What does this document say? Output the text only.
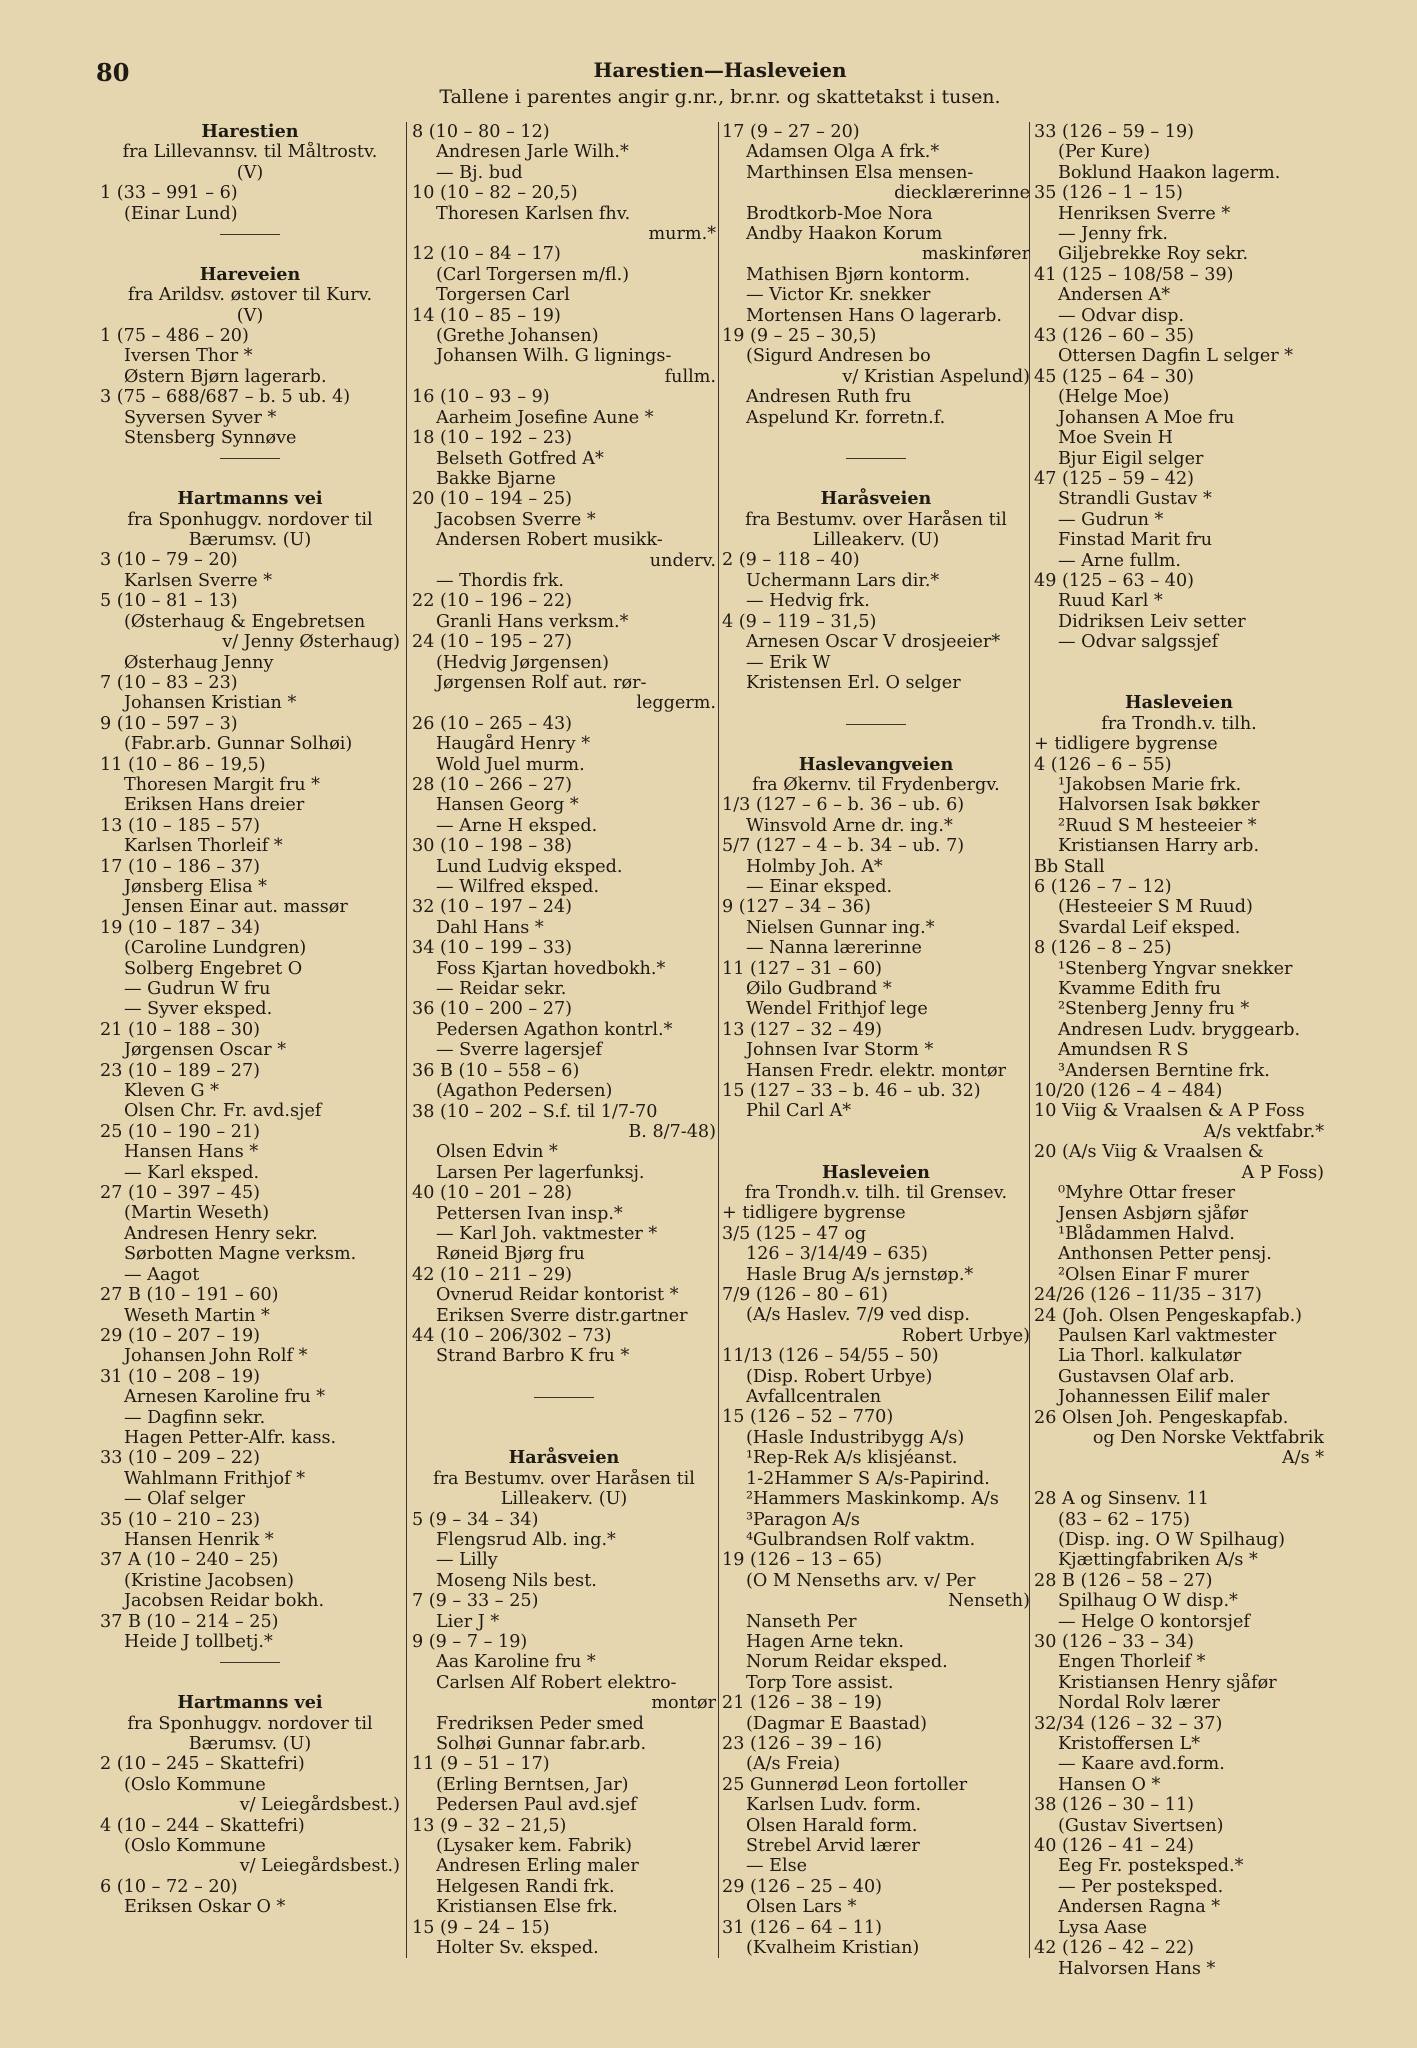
80	Harestien—Hasleveien
Tallene i parentes angir g.nr., br.nr. og skattetakst i tusen.
Harestien
fra Lillevannsv. til Måltrostv.
(V)
1 (33 – 991 – 6)
(Einar Lund)
Hareveien
fra Arildsv. østover til Kurv.
(V)
1 (75 – 486 – 20)
Iversen Thor *
Østern Bjørn lagerarb.
3 (75 – 688/687 – b. 5 ub. 4)
Syversen Syver *
Stensberg Synnøve
Hartmanns vei
fra Sponhuggv. nordover til
Bærumsv. (U)
3 (10 – 79 – 20)
Karlsen Sverre *
5 (10 – 81 – 13)
(Østerhaug & Engebretsen
v/ Jenny Østerhaug)
Østerhaug Jenny
7 (10 – 83 – 23)
Johansen Kristian *
9 (10 – 597 – 3)
(Fabr.arb. Gunnar Solhøi)
11 (10 – 86 – 19,5)
Thoresen Margit fru *
Eriksen Hans dreier
13 (10 – 185 – 57)
Karlsen Thorleif *
17 (10 – 186 – 37)
Jønsberg Elisa *
Jensen Einar aut. massør
19 (10 – 187 – 34)
(Caroline Lundgren)
Solberg Engebret O
— Gudrun W fru
— Syver eksped.
21 (10 – 188 – 30)
Jørgensen Oscar *
23 (10 – 189 – 27)
Kleven G *
Olsen Chr. Fr. avd.sjef
25 (10 – 190 – 21)
Hansen Hans *
— Karl eksped.
27 (10 – 397 – 45)
(Martin Weseth)
Andresen Henry sekr.
Sørbotten Magne verksm.
— Aagot
27 B (10 – 191 – 60)
Weseth Martin *
29 (10 – 207 – 19)
Johansen John Rolf *
31 (10 – 208 – 19)
Arnesen Karoline fru *
— Dagfinn sekr.
Hagen Petter-Alfr. kass.
33 (10 – 209 – 22)
Wahlmann Frithjof *
— Olaf selger
35 (10 – 210 – 23)
Hansen Henrik *
37 A (10 – 240 – 25)
(Kristine Jacobsen)
Jacobsen Reidar bokh.
37 B (10 – 214 – 25)
Heide J tollbetj.*
Hartmanns vei
fra Sponhuggv. nordover til
Bærumsv. (U)
2 (10 – 245 – Skattefri)
(Oslo Kommune
v/ Leiegårdsbest.)
4 (10 – 244 – Skattefri)
(Oslo Kommune
v/ Leiegårdsbest.)
6 (10 – 72 – 20)
Eriksen Oskar O *
8 (10 – 80 – 12)
Andresen Jarle Wilh.*
— Bj. bud
10 (10 – 82 – 20,5)
Thoresen Karlsen fhv.
murm.*
12 (10 – 84 – 17)
(Carl Torgersen m/fl.)
Torgersen Carl
14 (10 – 85 – 19)
(Grethe Johansen)
Johansen Wilh. G lignings-
fullm.
16 (10 – 93 – 9)
Aarheim Josefine Aune *
18 (10 – 192 – 23)
Belseth Gotfred A*
Bakke Bjarne
20 (10 – 194 – 25)
Jacobsen Sverre *
Andersen Robert musikk-
underv.
— Thordis frk.
22 (10 – 196 – 22)
Granli Hans verksm.*
24 (10 – 195 – 27)
(Hedvig Jørgensen)
Jørgensen Rolf aut. rør-
leggerm.
26 (10 – 265 – 43)
Haugård Henry *
Wold Juel murm.
28 (10 – 266 – 27)
Hansen Georg *
— Arne H eksped.
30 (10 – 198 – 38)
Lund Ludvig eksped.
— Wilfred eksped.
32 (10 – 197 – 24)
Dahl Hans *
34 (10 – 199 – 33)
Foss Kjartan hovedbokh.*
— Reidar sekr.
36 (10 – 200 – 27)
Pedersen Agathon kontrl.*
— Sverre lagersjef
36 B (10 – 558 – 6)
(Agathon Pedersen)
38 (10 – 202 – S.f. til 1/7-70
B. 8/7-48)
Olsen Edvin *
Larsen Per lagerfunksj.
40 (10 – 201 – 28)
Pettersen Ivan insp.*
— Karl Joh. vaktmester *
Røneid Bjørg fru
42 (10 – 211 – 29)
Ovnerud Reidar kontorist *
Eriksen Sverre distr.gartner
44 (10 – 206/302 – 73)
Strand Barbro K fru *
Haråsveien
fra Bestumv. over Haråsen til
Lilleakerv. (U)
5 (9 – 34 – 34)
Flengsrud Alb. ing.*
— Lilly
Moseng Nils best.
7 (9 – 33 – 25)
Lier J *
9 (9 – 7 – 19)
Aas Karoline fru *
Carlsen Alf Robert elektro-
montør
Fredriksen Peder smed
Solhøi Gunnar fabr.arb.
11 (9 – 51 – 17)
(Erling Berntsen, Jar)
Pedersen Paul avd.sjef
13 (9 – 32 – 21,5)
(Lysaker kem. Fabrik)
Andresen Erling maler
Helgesen Randi frk.
Kristiansen Else frk.
15 (9 – 24 – 15)
Holter Sv. eksped.
17 (9 – 27 – 20)
Adamsen Olga A frk.*
Marthinsen Elsa mensen-
diecklærerinne
Brodtkorb-Moe Nora
Andby Haakon Korum
maskinfører
Mathisen Bjørn kontorm.
— Victor Kr. snekker
Mortensen Hans O lagerarb.
19 (9 – 25 – 30,5)
(Sigurd Andresen bo
v/ Kristian Aspelund)
Andresen Ruth fru
Aspelund Kr. forretn.f.
Haråsveien
fra Bestumv. over Haråsen til
Lilleakerv. (U)
2 (9 – 118 – 40)
Uchermann Lars dir.*
— Hedvig frk.
4 (9 – 119 – 31,5)
Arnesen Oscar V drosjeeier*
— Erik W
Kristensen Erl. O selger
Haslevangveien
fra Økernv. til Frydenbergv.
1/3 (127 – 6 – b. 36 – ub. 6)
Winsvold Arne dr. ing.*
5/7 (127 – 4 – b. 34 – ub. 7)
Holmby Joh. A*
— Einar eksped.
9 (127 – 34 – 36)
Nielsen Gunnar ing.*
— Nanna lærerinne
11 (127 – 31 – 60)
Øilo Gudbrand *
Wendel Frithjof lege
13 (127 – 32 – 49)
Johnsen Ivar Storm *
Hansen Fredr. elektr. montør
15 (127 – 33 – b. 46 – ub. 32)
Phil Carl A*
Hasleveien
fra Trondh.v. tilh. til Grensev.
+ tidligere bygrense
3/5 (125 – 47 og
126 – 3/14/49 – 635)
Hasle Brug A/s jernstøp.*
7/9 (126 – 80 – 61)
(A/s Haslev. 7/9 ved disp.
Robert Urbye)
11/13 (126 – 54/55 – 50)
(Disp. Robert Urbye)
Avfallcentralen
15 (126 – 52 – 770)
(Hasle Industribygg A/s)
¹Rep-Rek A/s klisjéanst.
1-2Hammer S A/s-Papirind.
²Hammers Maskinkomp. A/s
³Paragon A/s
⁴Gulbrandsen Rolf vaktm.
19 (126 – 13 – 65)
(O M Nenseths arv. v/ Per
Nenseth)
Nanseth Per
Hagen Arne tekn.
Norum Reidar eksped.
Torp Tore assist.
21 (126 – 38 – 19)
(Dagmar E Baastad)
23 (126 – 39 – 16)
(A/s Freia)
25 Gunnerød Leon fortoller
Karlsen Ludv. form.
Olsen Harald form.
Strebel Arvid lærer
— Else
29 (126 – 25 – 40)
Olsen Lars *
31 (126 – 64 – 11)
(Kvalheim Kristian)
33 (126 – 59 – 19)
(Per Kure)
Boklund Haakon lagerm.
35 (126 – 1 – 15)
Henriksen Sverre *
— Jenny frk.
Giljebrekke Roy sekr.
41 (125 – 108/58 – 39)
Andersen A*
— Odvar disp.
43 (126 – 60 – 35)
Ottersen Dagfin L selger *
45 (125 – 64 – 30)
(Helge Moe)
Johansen A Moe fru
Moe Svein H
Bjur Eigil selger
47 (125 – 59 – 42)
Strandli Gustav *
— Gudrun *
Finstad Marit fru
— Arne fullm.
49 (125 – 63 – 40)
Ruud Karl *
Didriksen Leiv setter
— Odvar salgssjef
Hasleveien
fra Trondh.v. tilh.
+ tidligere bygrense
4 (126 – 6 – 55)
¹Jakobsen Marie frk.
Halvorsen Isak bøkker
²Ruud S M hesteeier *
Kristiansen Harry arb.
Bb Stall
6 (126 – 7 – 12)
(Hesteeier S M Ruud)
Svardal Leif eksped.
8 (126 – 8 – 25)
¹Stenberg Yngvar snekker
Kvamme Edith fru
²Stenberg Jenny fru *
Andresen Ludv. bryggearb.
Amundsen R S
³Andersen Berntine frk.
10/20 (126 – 4 – 484)
10 Viig & Vraalsen & A P Foss
A/s vektfabr.*
20 (A/s Viig & Vraalsen &
A P Foss)
⁰Myhre Ottar freser
Jensen Asbjørn sjåfør
¹Blådammen Halvd.
Anthonsen Petter pensj.
²Olsen Einar F murer
24/26 (126 – 11/35 – 317)
24 (Joh. Olsen Pengeskapfab.)
Paulsen Karl vaktmester
Lia Thorl. kalkulatør
Gustavsen Olaf arb.
Johannessen Eilif maler
26 Olsen Joh. Pengeskapfab.
og Den Norske Vektfabrik
A/s *
28 A og Sinsenv. 11
(83 – 62 – 175)
(Disp. ing. O W Spilhaug)
Kjættingfabriken A/s *
28 B (126 – 58 – 27)
Spilhaug O W disp.*
— Helge O kontorsjef
30 (126 – 33 – 34)
Engen Thorleif *
Kristiansen Henry sjåfør
Nordal Rolv lærer
32/34 (126 – 32 – 37)
Kristoffersen L*
— Kaare avd.form.
Hansen O *
38 (126 – 30 – 11)
(Gustav Sivertsen)
40 (126 – 41 – 24)
Eeg Fr. posteksped.*
— Per posteksped.
Andersen Ragna *
Lysa Aase
42 (126 – 42 – 22)
Halvorsen Hans *
